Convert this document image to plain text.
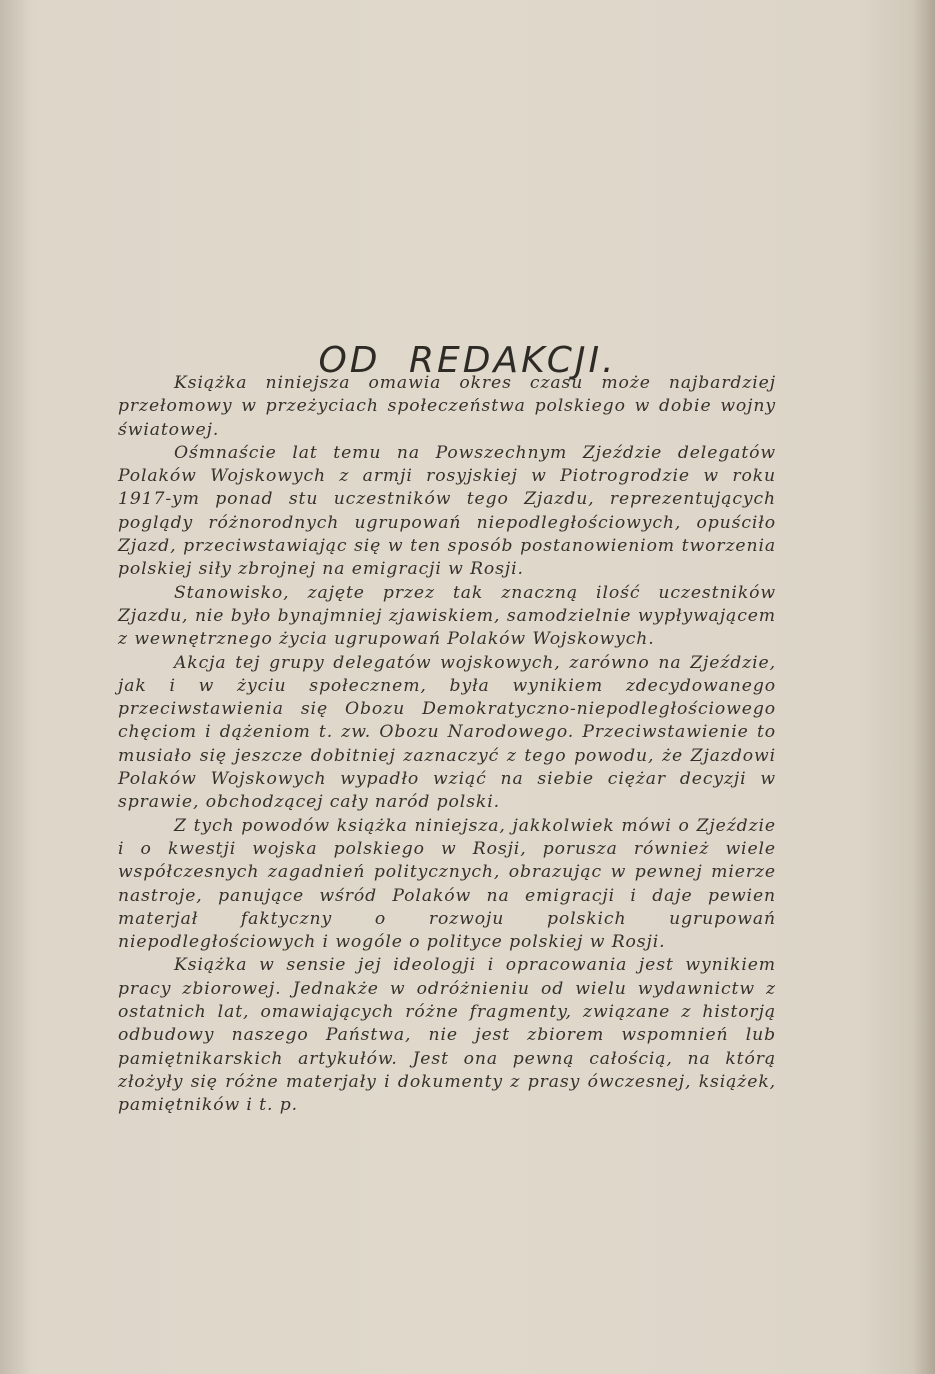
OD REDAKCJI.

Książka niniejsza omawia okres czasu może najbardziej przełomowy w przeżyciach społeczeństwa polskiego w dobie wojny światowej.

Ośmnaście lat temu na Powszechnym Zjeździe delegatów Polaków Wojskowych z armji rosyjskiej w Piotrogrodzie w roku 1917-ym ponad stu uczestników tego Zjazdu, reprezentujących poglądy różnorodnych ugrupowań niepodległościowych, opuściło Zjazd, przeciwstawiając się w ten sposób postanowieniom tworzenia polskiej siły zbrojnej na emigracji w Rosji.

Stanowisko, zajęte przez tak znaczną ilość uczestników Zjazdu, nie było bynajmniej zjawiskiem, samodzielnie wypływającem z wewnętrznego życia ugrupowań Polaków Wojskowych.

Akcja tej grupy delegatów wojskowych, zarówno na Zjeździe, jak i w życiu społecznem, była wynikiem zdecydowanego przeciwstawienia się Obozu Demokratyczno-niepodległościowego chęciom i dążeniom t. zw. Obozu Narodowego. Przeciwstawienie to musiało się jeszcze dobitniej zaznaczyć z tego powodu, że Zjazdowi Polaków Wojskowych wypadło wziąć na siebie ciężar decyzji w sprawie, obchodzącej cały naród polski.

Z tych powodów książka niniejsza, jakkolwiek mówi o Zjeździe i o kwestji wojska polskiego w Rosji, porusza również wiele współczesnych zagadnień politycznych, obrazując w pewnej mierze nastroje, panujące wśród Polaków na emigracji i daje pewien materjał faktyczny o rozwoju polskich ugrupowań niepodległościowych i wogóle o polityce polskiej w Rosji.

Książka w sensie jej ideologji i opracowania jest wynikiem pracy zbiorowej. Jednakże w odróżnieniu od wielu wydawnictw z ostatnich lat, omawiających różne fragmenty, związane z historją odbudowy naszego Państwa, nie jest zbiorem wspomnień lub pamiętnikarskich artykułów. Jest ona pewną całością, na którą złożyły się różne materjały i dokumenty z prasy ówczesnej, książek, pamiętników i t. p.
